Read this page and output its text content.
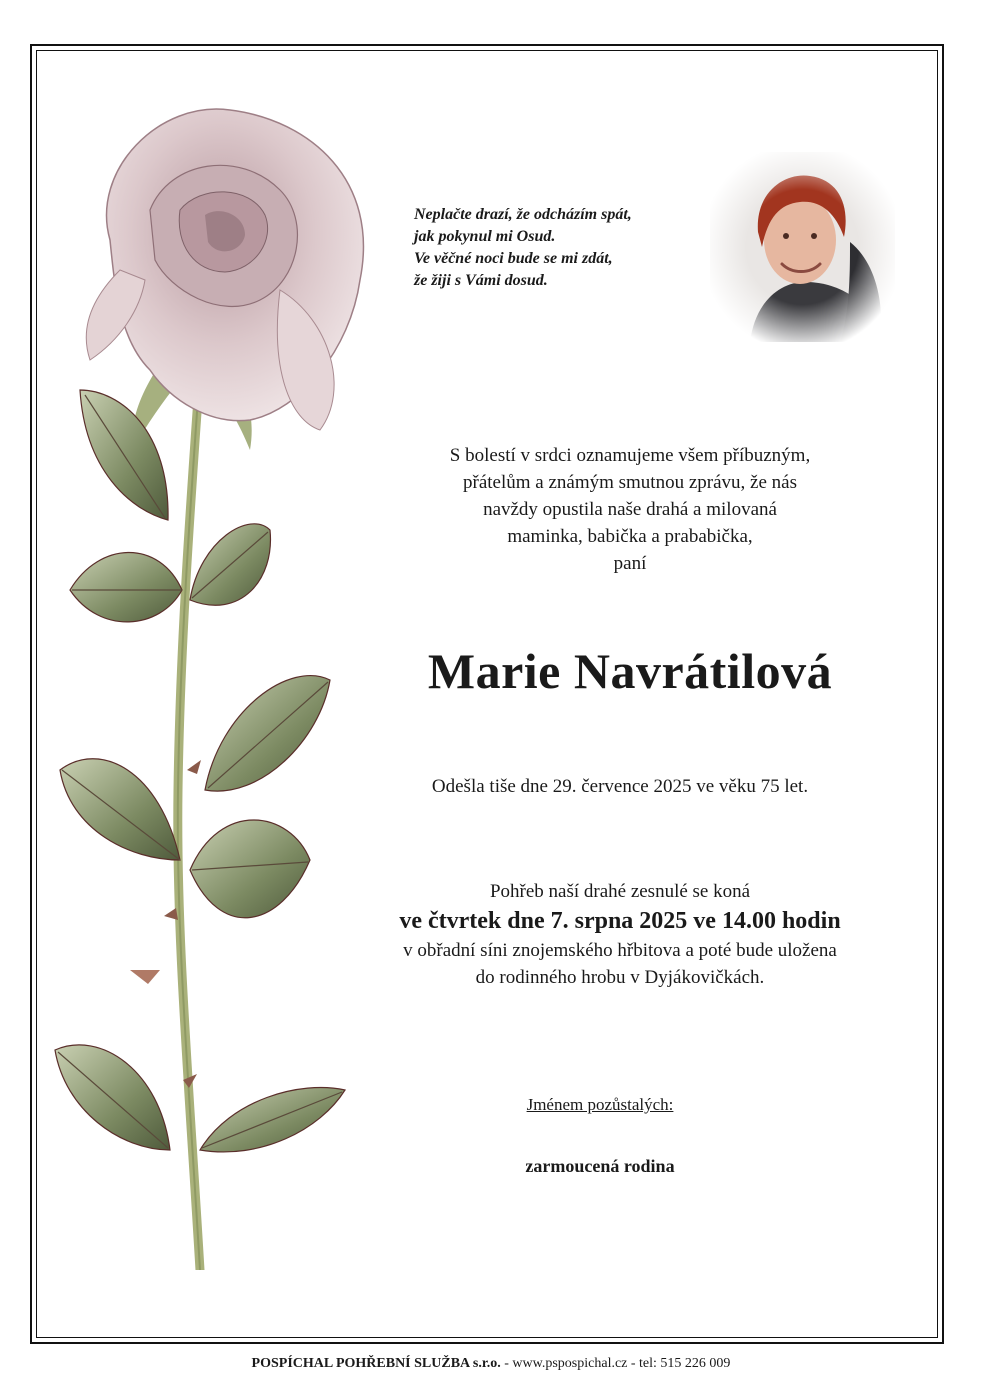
Neplačte drazí, že odcházím spát,
jak pokynul mi Osud.
Ve věčné noci bude se mi zdát,
že žiji s Vámi dosud.
S bolestí v srdci oznamujeme všem příbuzným,
přátelům a známým smutnou zprávu, že nás
navždy opustila naše drahá a milovaná
maminka, babička a prababička,
paní
Marie Navrátilová
Odešla tiše dne 29. července 2025 ve věku 75 let.
Pohřeb naší drahé zesnulé se koná
ve čtvrtek dne 7. srpna 2025 ve 14.00 hodin
v obřadní síni znojemského hřbitova a poté bude uložena
do rodinného hrobu v Dyjákovičkách.
Jménem pozůstalých:
zarmoucená rodina
POSPÍCHAL POHŘEBNÍ SLUŽBA s.r.o. - www.pspospichal.cz - tel: 515 226 009
